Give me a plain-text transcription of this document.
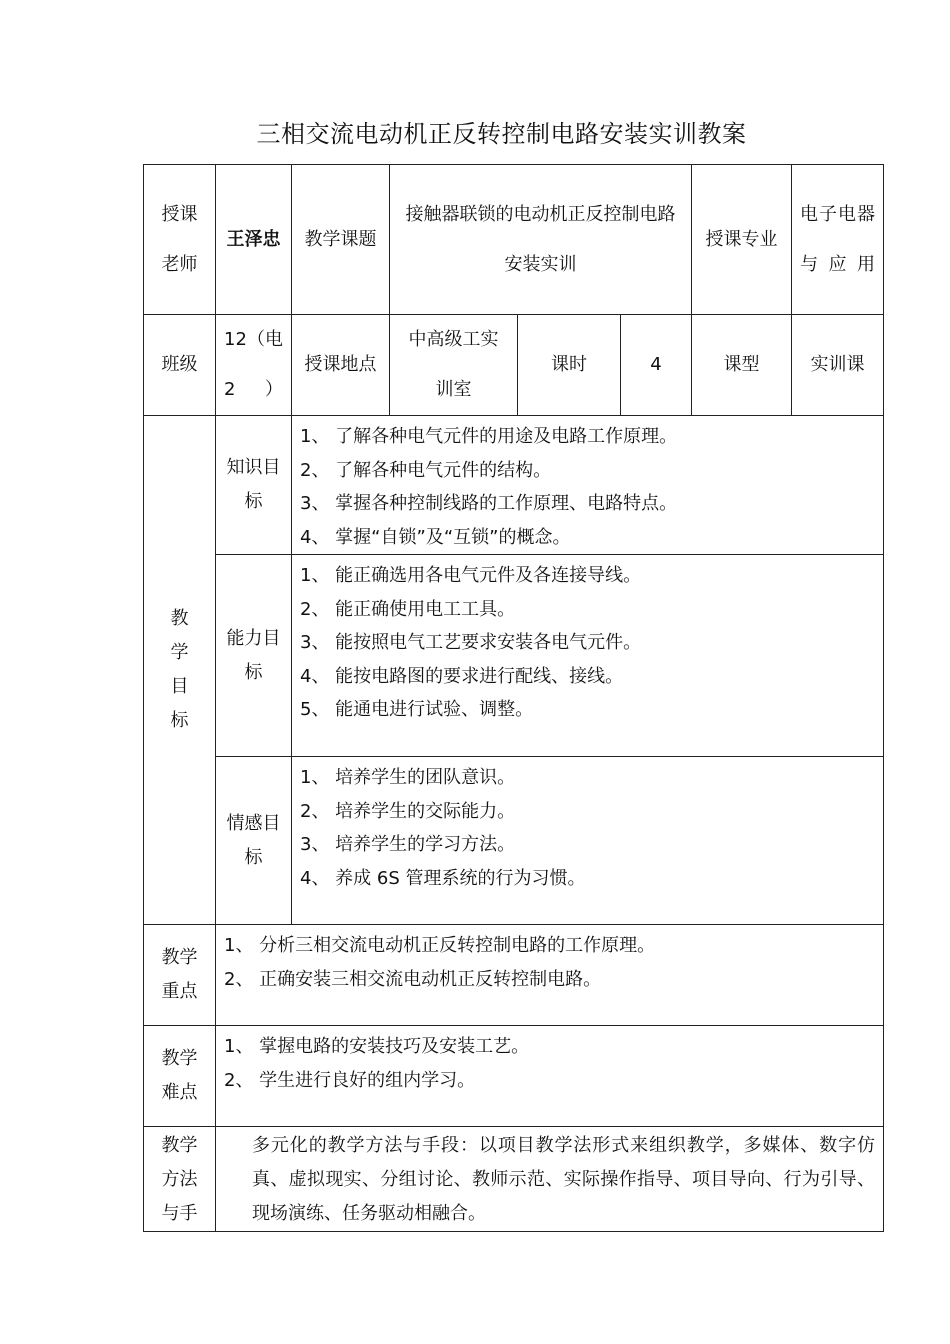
三相交流电动机正反转控制电路安装实训教案
授课老师	王泽忠	教学课题	接触器联锁的电动机正反控制电路安装实训			授课专业	电子电器与应用
班级	12（电2）	授课地点	中高级工实训室	课时	4	课型	实训课

教学目标	知识目标	1、 了解各种电气元件的用途及电路工作原理。
2、 了解各种电气元件的结构。
3、 掌握各种控制线路的工作原理、电路特点。
4、 掌握“自锁”及“互锁”的概念。					

	能力目标	1、 能正确选用各电气元件及各连接导线。
2、 能正确使用电工工具。
3、 能按照电气工艺要求安装各电气元件。
4、 能按电路图的要求进行配线、接线。
5、 能通电进行试验、调整。					

	情感目标	1、 培养学生的团队意识。
2、 培养学生的交际能力。
3、 培养学生的学习方法。
4、 养成 6S 管理系统的行为习惯。					

教学重点	1、 分析三相交流电动机正反转控制电路的工作原理。
2、 正确安装三相交流电动机正反转控制电路。						

教学难点	1、 掌握电路的安装技巧及安装工艺。
2、 学生进行良好的组内学习。						

教学方法与手	多元化的教学方法与手段：以项目教学法形式来组织教学，多媒体、数字仿真、虚拟现实、分组讨论、教师示范、实际操作指导、项目导向、行为引导、现场演练、任务驱动相融合。						
